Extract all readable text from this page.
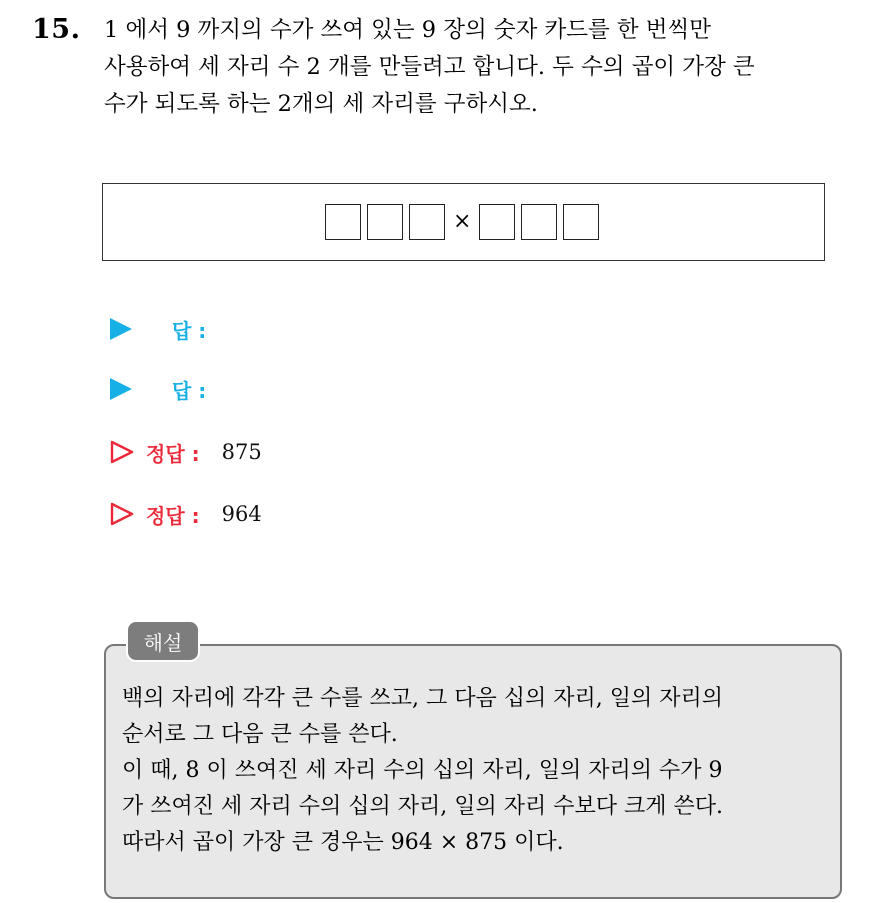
15. 1 에서 9 까지의 수가 쓰여 있는 9 장의 숫자 카드를 한 번씩만
사용하여 세 자리 수 2 개를 만들려고 합니다. 두 수의 곱이 가장 큰
수가 되도록 하는 2개의 세 자리를 구하시오.
×
답 :
답 :
정답 : 875
정답 : 964
해설
백의 자리에 각각 큰 수를 쓰고, 그 다음 십의 자리, 일의 자리의
순서로 그 다음 큰 수를 쓴다.
이 때, 8 이 쓰여진 세 자리 수의 십의 자리, 일의 자리의 수가 9
가 쓰여진 세 자리 수의 십의 자리, 일의 자리 수보다 크게 쓴다.
따라서 곱이 가장 큰 경우는 964 × 875 이다.
